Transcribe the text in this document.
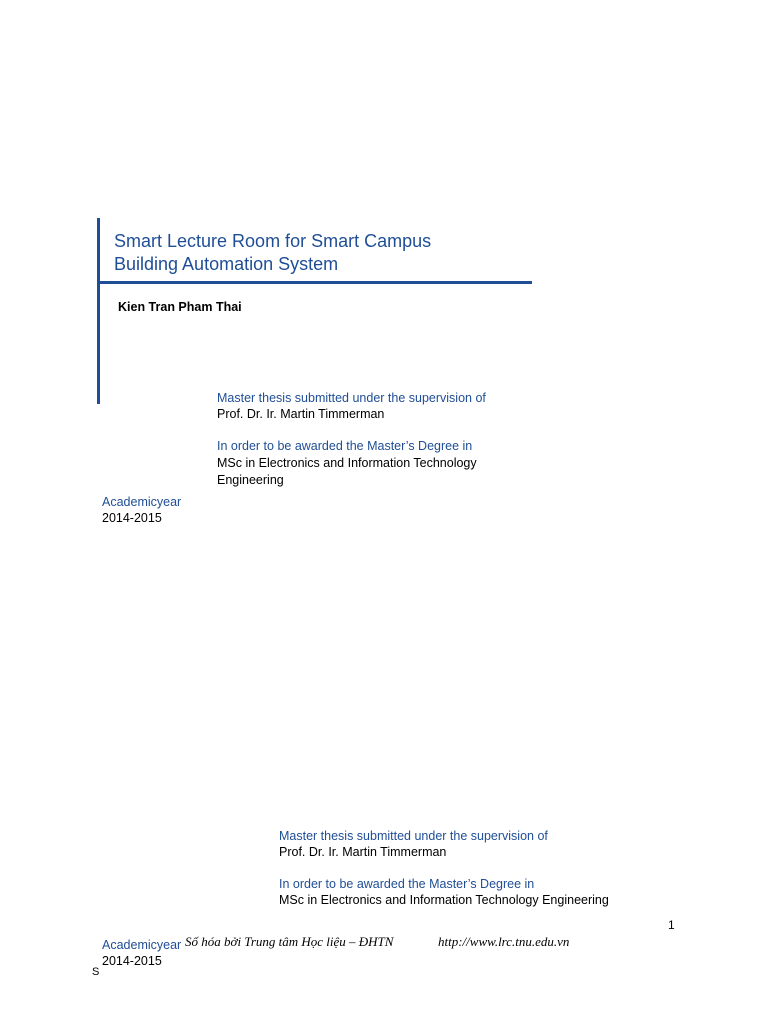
Smart Lecture Room for Smart Campus
Building Automation System
Kien Tran Pham Thai
Master thesis submitted under the supervision of
Prof. Dr. Ir. Martin Timmerman
In order to be awarded the Master’s Degree in
MSc in Electronics and Information Technology
Engineering
Academicyear
2014-2015
Master thesis submitted under the supervision of
Prof. Dr. Ir. Martin Timmerman
In order to be awarded the Master’s Degree in
MSc in Electronics and Information Technology Engineering
1
Academicyear Số hóa bởi Trung tâm Học liệu – ĐHTN	http://www.lrc.tnu.edu.vn
2014-2015
S
